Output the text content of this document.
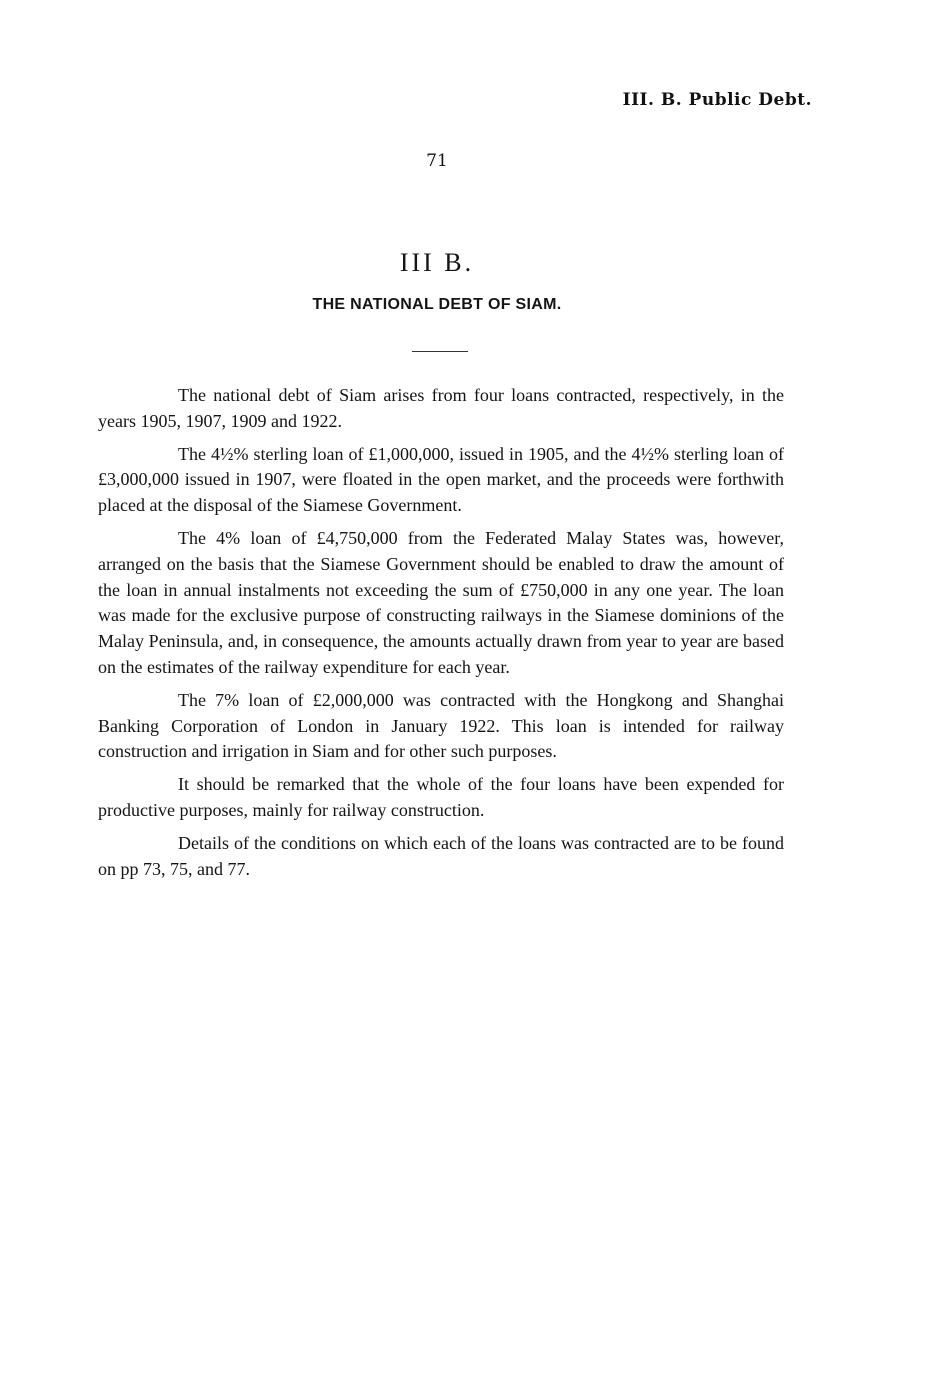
III. B. Public Debt.
71
III B.
THE NATIONAL DEBT OF SIAM.

The national debt of Siam arises from four loans contracted, respectively, in the years 1905, 1907, 1909 and 1922.

The 4½% sterling loan of £1,000,000, issued in 1905, and the 4½% sterling loan of £3,000,000 issued in 1907, were floated in the open market, and the proceeds were forthwith placed at the disposal of the Siamese Government.

The 4% loan of £4,750,000 from the Federated Malay States was, however, arranged on the basis that the Siamese Government should be enabled to draw the amount of the loan in annual instalments not exceeding the sum of £750,000 in any one year. The loan was made for the exclusive purpose of constructing railways in the Siamese dominions of the Malay Peninsula, and, in consequence, the amounts actually drawn from year to year are based on the estimates of the railway expenditure for each year.

The 7% loan of £2,000,000 was contracted with the Hongkong and Shanghai Banking Corporation of London in January 1922. This loan is intended for railway construction and irrigation in Siam and for other such purposes.

It should be remarked that the whole of the four loans have been expended for productive purposes, mainly for railway construction.

Details of the conditions on which each of the loans was contracted are to be found on pp 73, 75, and 77.
